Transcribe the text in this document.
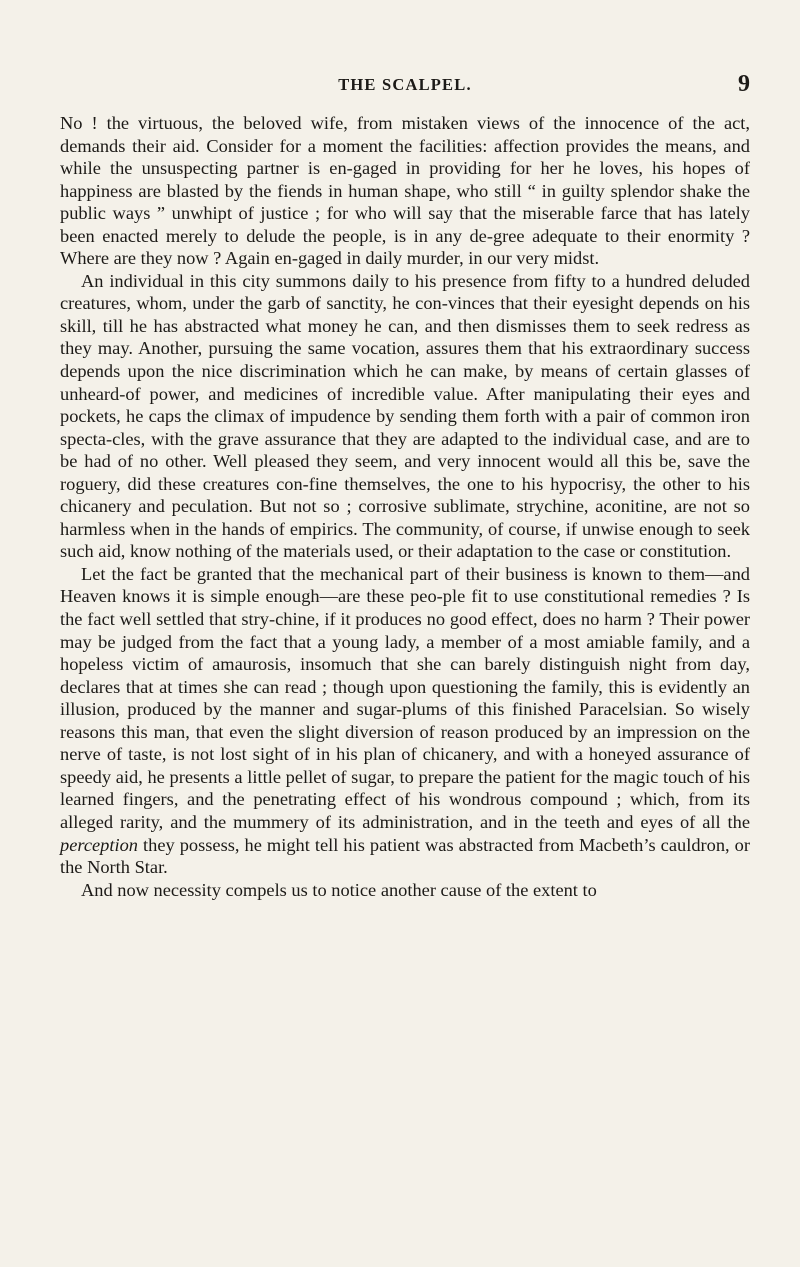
THE SCALPEL.	9

No ! the virtuous, the beloved wife, from mistaken views of the innocence of the act, demands their aid. Consider for a moment the facilities: affection provides the means, and while the unsuspecting partner is en-gaged in providing for her he loves, his hopes of happiness are blasted by the fiends in human shape, who still “ in guilty splendor shake the public ways ” unwhipt of justice ; for who will say that the miserable farce that has lately been enacted merely to delude the people, is in any de-gree adequate to their enormity ? Where are they now ? Again en-gaged in daily murder, in our very midst.

An individual in this city summons daily to his presence from fifty to a hundred deluded creatures, whom, under the garb of sanctity, he con-vinces that their eyesight depends on his skill, till he has abstracted what money he can, and then dismisses them to seek redress as they may. Another, pursuing the same vocation, assures them that his extraordinary success depends upon the nice discrimination which he can make, by means of certain glasses of unheard-of power, and medicines of incredible value. After manipulating their eyes and pockets, he caps the climax of impudence by sending them forth with a pair of common iron specta-cles, with the grave assurance that they are adapted to the individual case, and are to be had of no other. Well pleased they seem, and very innocent would all this be, save the roguery, did these creatures con-fine themselves, the one to his hypocrisy, the other to his chicanery and peculation. But not so ; corrosive sublimate, strychine, aconitine, are not so harmless when in the hands of empirics. The community, of course, if unwise enough to seek such aid, know nothing of the materials used, or their adaptation to the case or constitution.

Let the fact be granted that the mechanical part of their business is known to them—and Heaven knows it is simple enough—are these peo-ple fit to use constitutional remedies ? Is the fact well settled that stry-chine, if it produces no good effect, does no harm ? Their power may be judged from the fact that a young lady, a member of a most amiable family, and a hopeless victim of amaurosis, insomuch that she can barely distinguish night from day, declares that at times she can read ; though upon questioning the family, this is evidently an illusion, produced by the manner and sugar-plums of this finished Paracelsian. So wisely reasons this man, that even the slight diversion of reason produced by an impression on the nerve of taste, is not lost sight of in his plan of chicanery, and with a honeyed assurance of speedy aid, he presents a little pellet of sugar, to prepare the patient for the magic touch of his learned fingers, and the penetrating effect of his wondrous compound ; which, from its alleged rarity, and the mummery of its administration, and in the teeth and eyes of all the perception they possess, he might tell his patient was abstracted from Macbeth’s cauldron, or the North Star.

And now necessity compels us to notice another cause of the extent to
